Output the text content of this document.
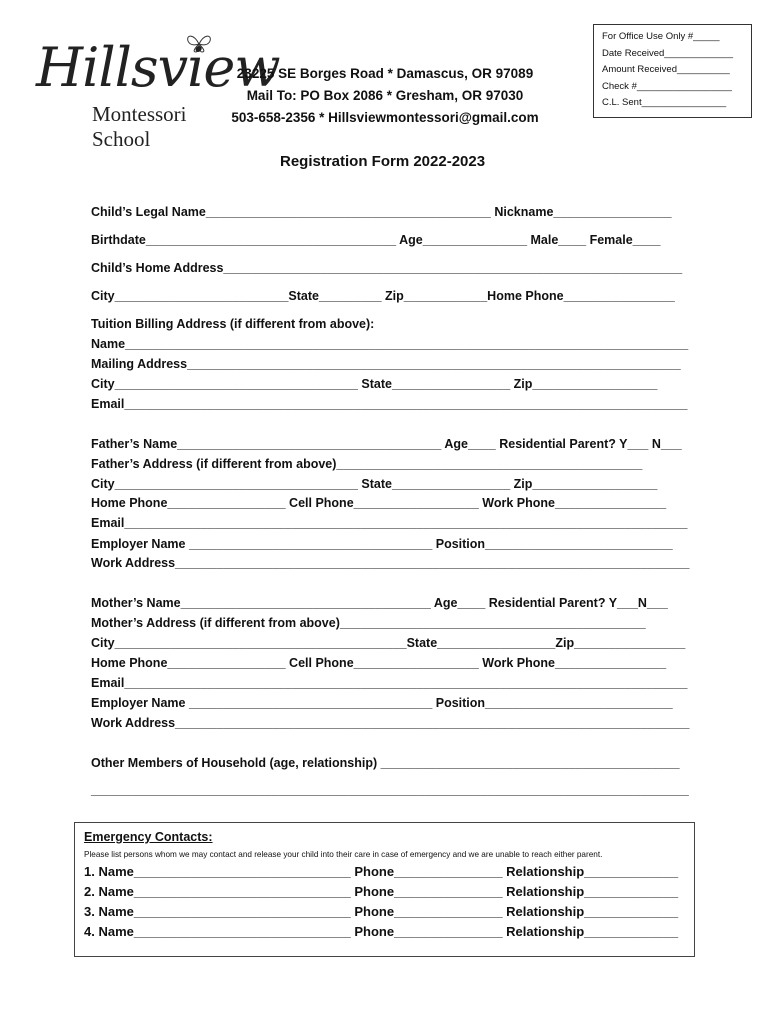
Hillsview
Montessori School
23225 SE Borges Road * Damascus, OR 97089
Mail To: PO Box 2086 * Gresham, OR 97030
503-658-2356 * Hillsviewmontessori@gmail.com
For Office Use Only #_____
Date Received_____________
Amount Received__________
Check #__________________
C.L. Sent________________
Registration Form 2022-2023
Child’s Legal Name_________________________________________ Nickname_________________
Birthdate____________________________________ Age_______________ Male____ Female____
Child’s Home Address__________________________________________________________________
City_________________________State_________ Zip____________Home Phone________________
Tuition Billing Address (if different from above):
Name_________________________________________________________________________________
Mailing Address_______________________________________________________________________
City___________________________________ State_________________ Zip__________________
Email_________________________________________________________________________________
Father’s Name______________________________________ Age____ Residential Parent? Y___ N___
Father’s Address (if different from above)____________________________________________
City___________________________________ State_________________ Zip__________________
Home Phone_________________ Cell Phone__________________ Work Phone________________
Email_________________________________________________________________________________
Employer Name ___________________________________ Position___________________________
Work Address__________________________________________________________________________
Mother’s Name____________________________________ Age____ Residential Parent? Y___N___
Mother’s Address (if different from above)____________________________________________
City__________________________________________State_________________Zip________________
Home Phone_________________ Cell Phone__________________ Work Phone________________
Email_________________________________________________________________________________
Employer Name ___________________________________ Position___________________________
Work Address__________________________________________________________________________
Other Members of Household (age, relationship) ___________________________________________
______________________________________________________________________________________
Emergency Contacts:
Please list persons whom we may contact and release your child into their care in case of emergency and we are unable to reach either parent.
1. Name______________________________ Phone_______________ Relationship_____________
2. Name______________________________ Phone_______________ Relationship_____________
3. Name______________________________ Phone_______________ Relationship_____________
4. Name______________________________ Phone_______________ Relationship_____________
